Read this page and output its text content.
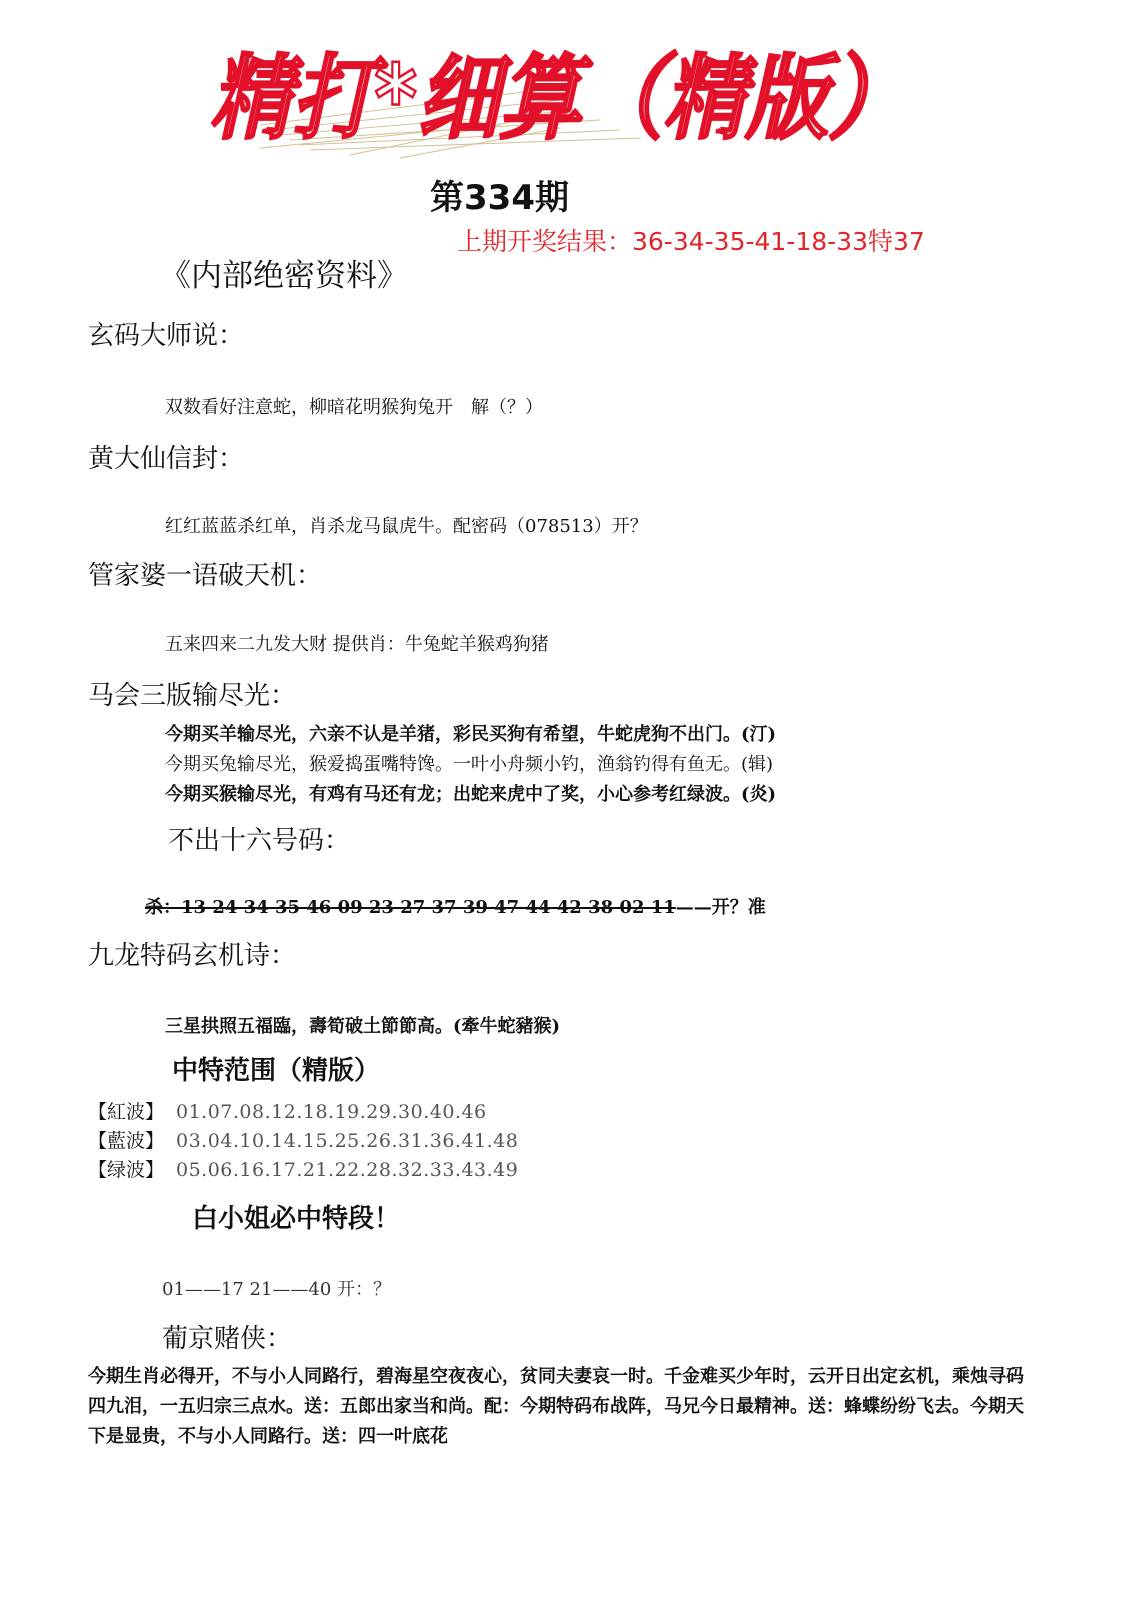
精打*细算（精版）
第334期
上期开奖结果：36-34-35-41-18-33特37
《内部绝密资料》
玄码大师说：
双数看好注意蛇，柳暗花明猴狗兔开　解（？）
黄大仙信封：
红红蓝蓝杀红单，肖杀龙马鼠虎牛。配密码（078513）开？
管家婆一语破天机：
五来四来二九发大财 提供肖：牛兔蛇羊猴鸡狗猪
马会三版输尽光：
今期买羊输尽光，六亲不认是羊猪，彩民买狗有希望，牛蛇虎狗不出门。(汀)
今期买兔输尽光，猴爱捣蛋嘴特馋。一叶小舟频小钓，渔翁钓得有鱼无。(辑)
今期买猴输尽光，有鸡有马还有龙；出蛇来虎中了奖，小心参考红绿波。(炎)
不出十六号码：
杀：13 24 34 35 46 09 23 27 37 39 47 44 42 38 02 11——开？准
九龙特码玄机诗：
三星拱照五福臨，壽筍破土節節高。(牽牛蛇豬猴)
中特范围（精版）
【紅波】 01.07.08.12.18.19.29.30.40.46
【藍波】 03.04.10.14.15.25.26.31.36.41.48
【绿波】 05.06.16.17.21.22.28.32.33.43.49
白小姐必中特段！
01——17 21——40 开：？
葡京赌侠：
今期生肖必得开，不与小人同路行，碧海星空夜夜心，贫同夫妻哀一时。千金难买少年时，云开日出定玄机，乘烛寻码四九泪，一五归宗三点水。送：五郎出家当和尚。配：今期特码布战阵，马兄今日最精神。送：蜂蝶纷纷飞去。今期天下是显贵，不与小人同路行。送：四一叶底花
